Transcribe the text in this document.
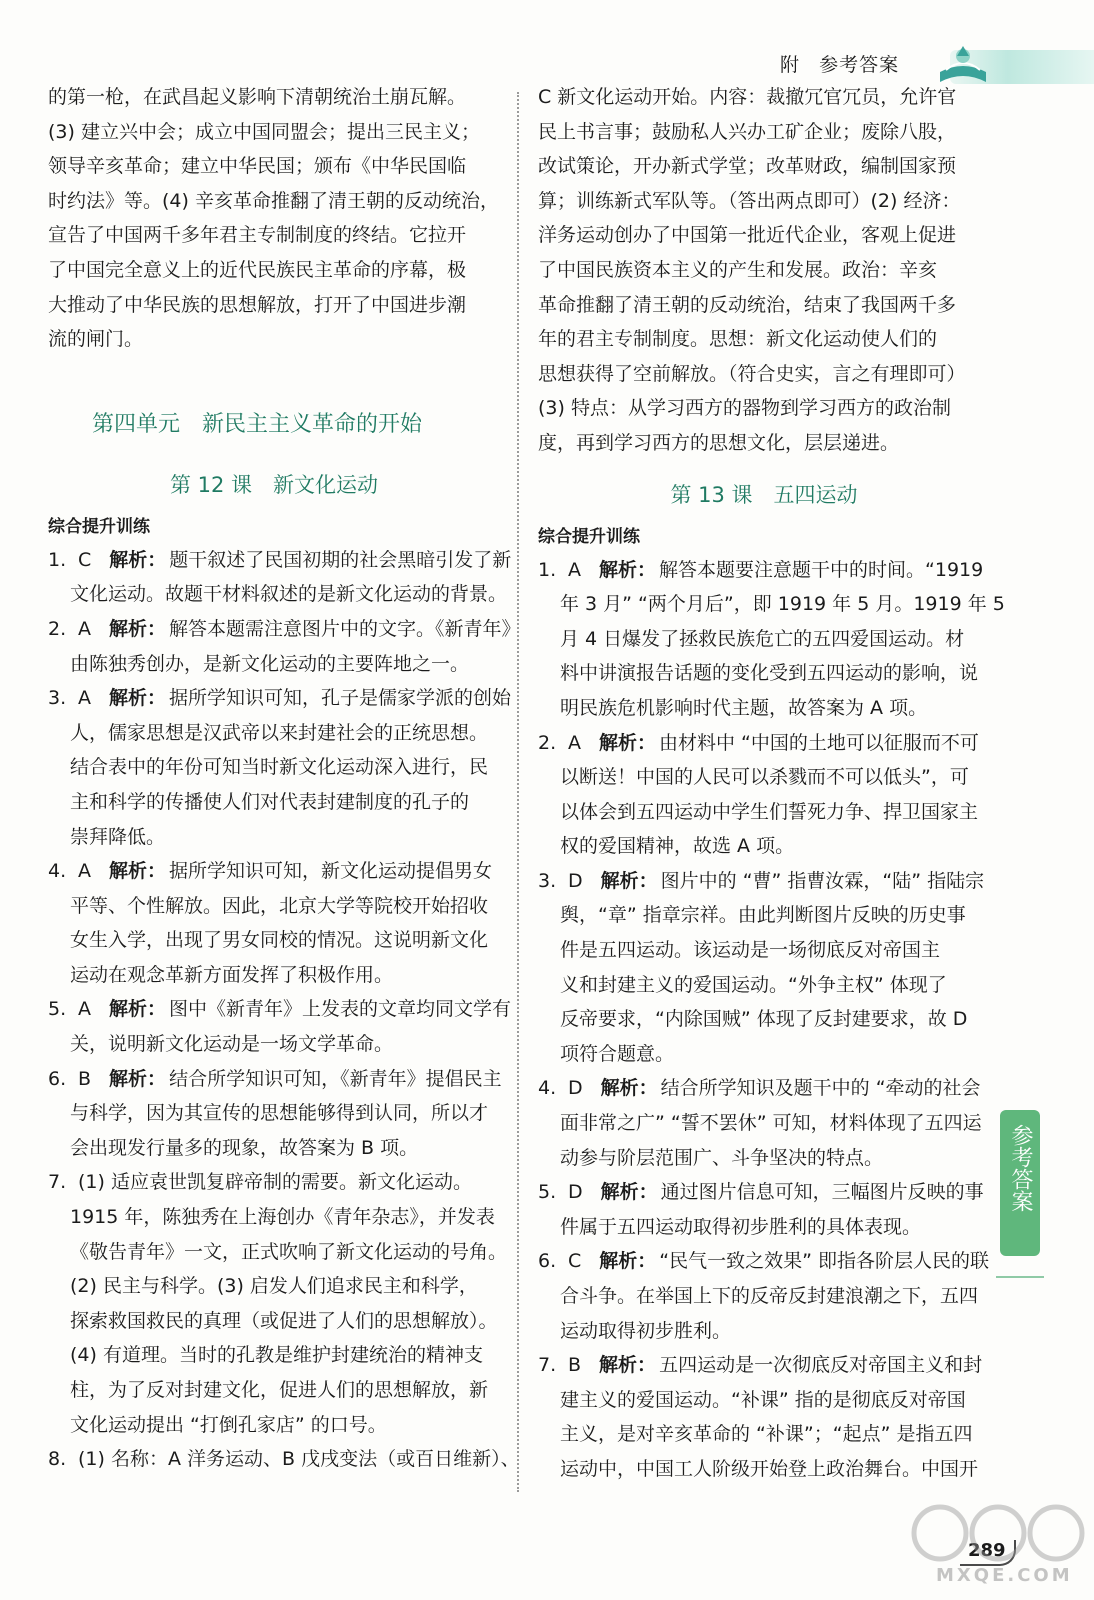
附 参考答案

的第一枪，在武昌起义影响下清朝统治土崩瓦解。

(3) 建立兴中会；成立中国同盟会；提出三民主义；

领导辛亥革命；建立中华民国；颁布《中华民国临

时约法》等。(4) 辛亥革命推翻了清王朝的反动统治，

宣告了中国两千多年君主专制制度的终结。它拉开

了中国完全意义上的近代民族民主革命的序幕，极

大推动了中华民族的思想解放，打开了中国进步潮

流的闸门。

第四单元　新民主主义革命的开始
第 12 课　新文化运动
综合提升训练
1. C 解析： 题干叙述了民国初期的社会黑暗引发了新

文化运动。故题干材料叙述的是新文化运动的背景。

2. A 解析： 解答本题需注意图片中的文字。《新青年》

由陈独秀创办，是新文化运动的主要阵地之一。

3. A 解析： 据所学知识可知，孔子是儒家学派的创始

人，儒家思想是汉武帝以来封建社会的正统思想。

结合表中的年份可知当时新文化运动深入进行，民

主和科学的传播使人们对代表封建制度的孔子的

崇拜降低。

4. A 解析： 据所学知识可知，新文化运动提倡男女

平等、个性解放。因此，北京大学等院校开始招收

女生入学，出现了男女同校的情况。这说明新文化

运动在观念革新方面发挥了积极作用。

5. A 解析： 图中《新青年》上发表的文章均同文学有

关，说明新文化运动是一场文学革命。

6. B 解析： 结合所学知识可知，《新青年》提倡民主

与科学，因为其宣传的思想能够得到认同，所以才

会出现发行量多的现象，故答案为 B 项。

7. (1) 适应袁世凯复辟帝制的需要。新文化运动。

1915 年，陈独秀在上海创办《青年杂志》，并发表

《敬告青年》一文，正式吹响了新文化运动的号角。

(2) 民主与科学。(3) 启发人们追求民主和科学，

探索救国救民的真理（或促进了人们的思想解放）。

(4) 有道理。当时的孔教是维护封建统治的精神支

柱，为了反对封建文化，促进人们的思想解放，新

文化运动提出 “打倒孔家店” 的口号。

8. (1) 名称：A 洋务运动、B 戊戌变法（或百日维新）、

C 新文化运动开始。内容：裁撤冗官冗员，允许官

民上书言事；鼓励私人兴办工矿企业；废除八股，

改试策论，开办新式学堂；改革财政，编制国家预

算；训练新式军队等。（答出两点即可）(2) 经济：

洋务运动创办了中国第一批近代企业，客观上促进

了中国民族资本主义的产生和发展。政治：辛亥

革命推翻了清王朝的反动统治，结束了我国两千多

年的君主专制制度。思想：新文化运动使人们的

思想获得了空前解放。（符合史实，言之有理即可）

(3) 特点：从学习西方的器物到学习西方的政治制

度，再到学习西方的思想文化，层层递进。

第 13 课　五四运动
综合提升训练
1. A 解析： 解答本题要注意题干中的时间。“1919

年 3 月” “两个月后”，即 1919 年 5 月。1919 年 5

月 4 日爆发了拯救民族危亡的五四爱国运动。材

料中讲演报告话题的变化受到五四运动的影响，说

明民族危机影响时代主题，故答案为 A 项。

2. A 解析： 由材料中 “中国的土地可以征服而不可

以断送！中国的人民可以杀戮而不可以低头”，可

以体会到五四运动中学生们誓死力争、捍卫国家主

权的爱国精神，故选 A 项。

3. D 解析： 图片中的 “曹” 指曹汝霖，“陆” 指陆宗

舆，“章” 指章宗祥。由此判断图片反映的历史事

件是五四运动。该运动是一场彻底反对帝国主

义和封建主义的爱国运动。“外争主权” 体现了

反帝要求，“内除国贼” 体现了反封建要求，故 D

项符合题意。

4. D 解析： 结合所学知识及题干中的 “牵动的社会

面非常之广” “誓不罢休” 可知，材料体现了五四运

动参与阶层范围广、斗争坚决的特点。

5. D 解析： 通过图片信息可知，三幅图片反映的事

件属于五四运动取得初步胜利的具体表现。

6. C 解析： “民气一致之效果” 即指各阶层人民的联

合斗争。在举国上下的反帝反封建浪潮之下，五四

运动取得初步胜利。

7. B 解析： 五四运动是一次彻底反对帝国主义和封

建主义的爱国运动。“补课” 指的是彻底反对帝国

主义，是对辛亥革命的 “补课”；“起点” 是指五四

运动中，中国工人阶级开始登上政治舞台。中国开

参考答案
289
MXQE.COM
